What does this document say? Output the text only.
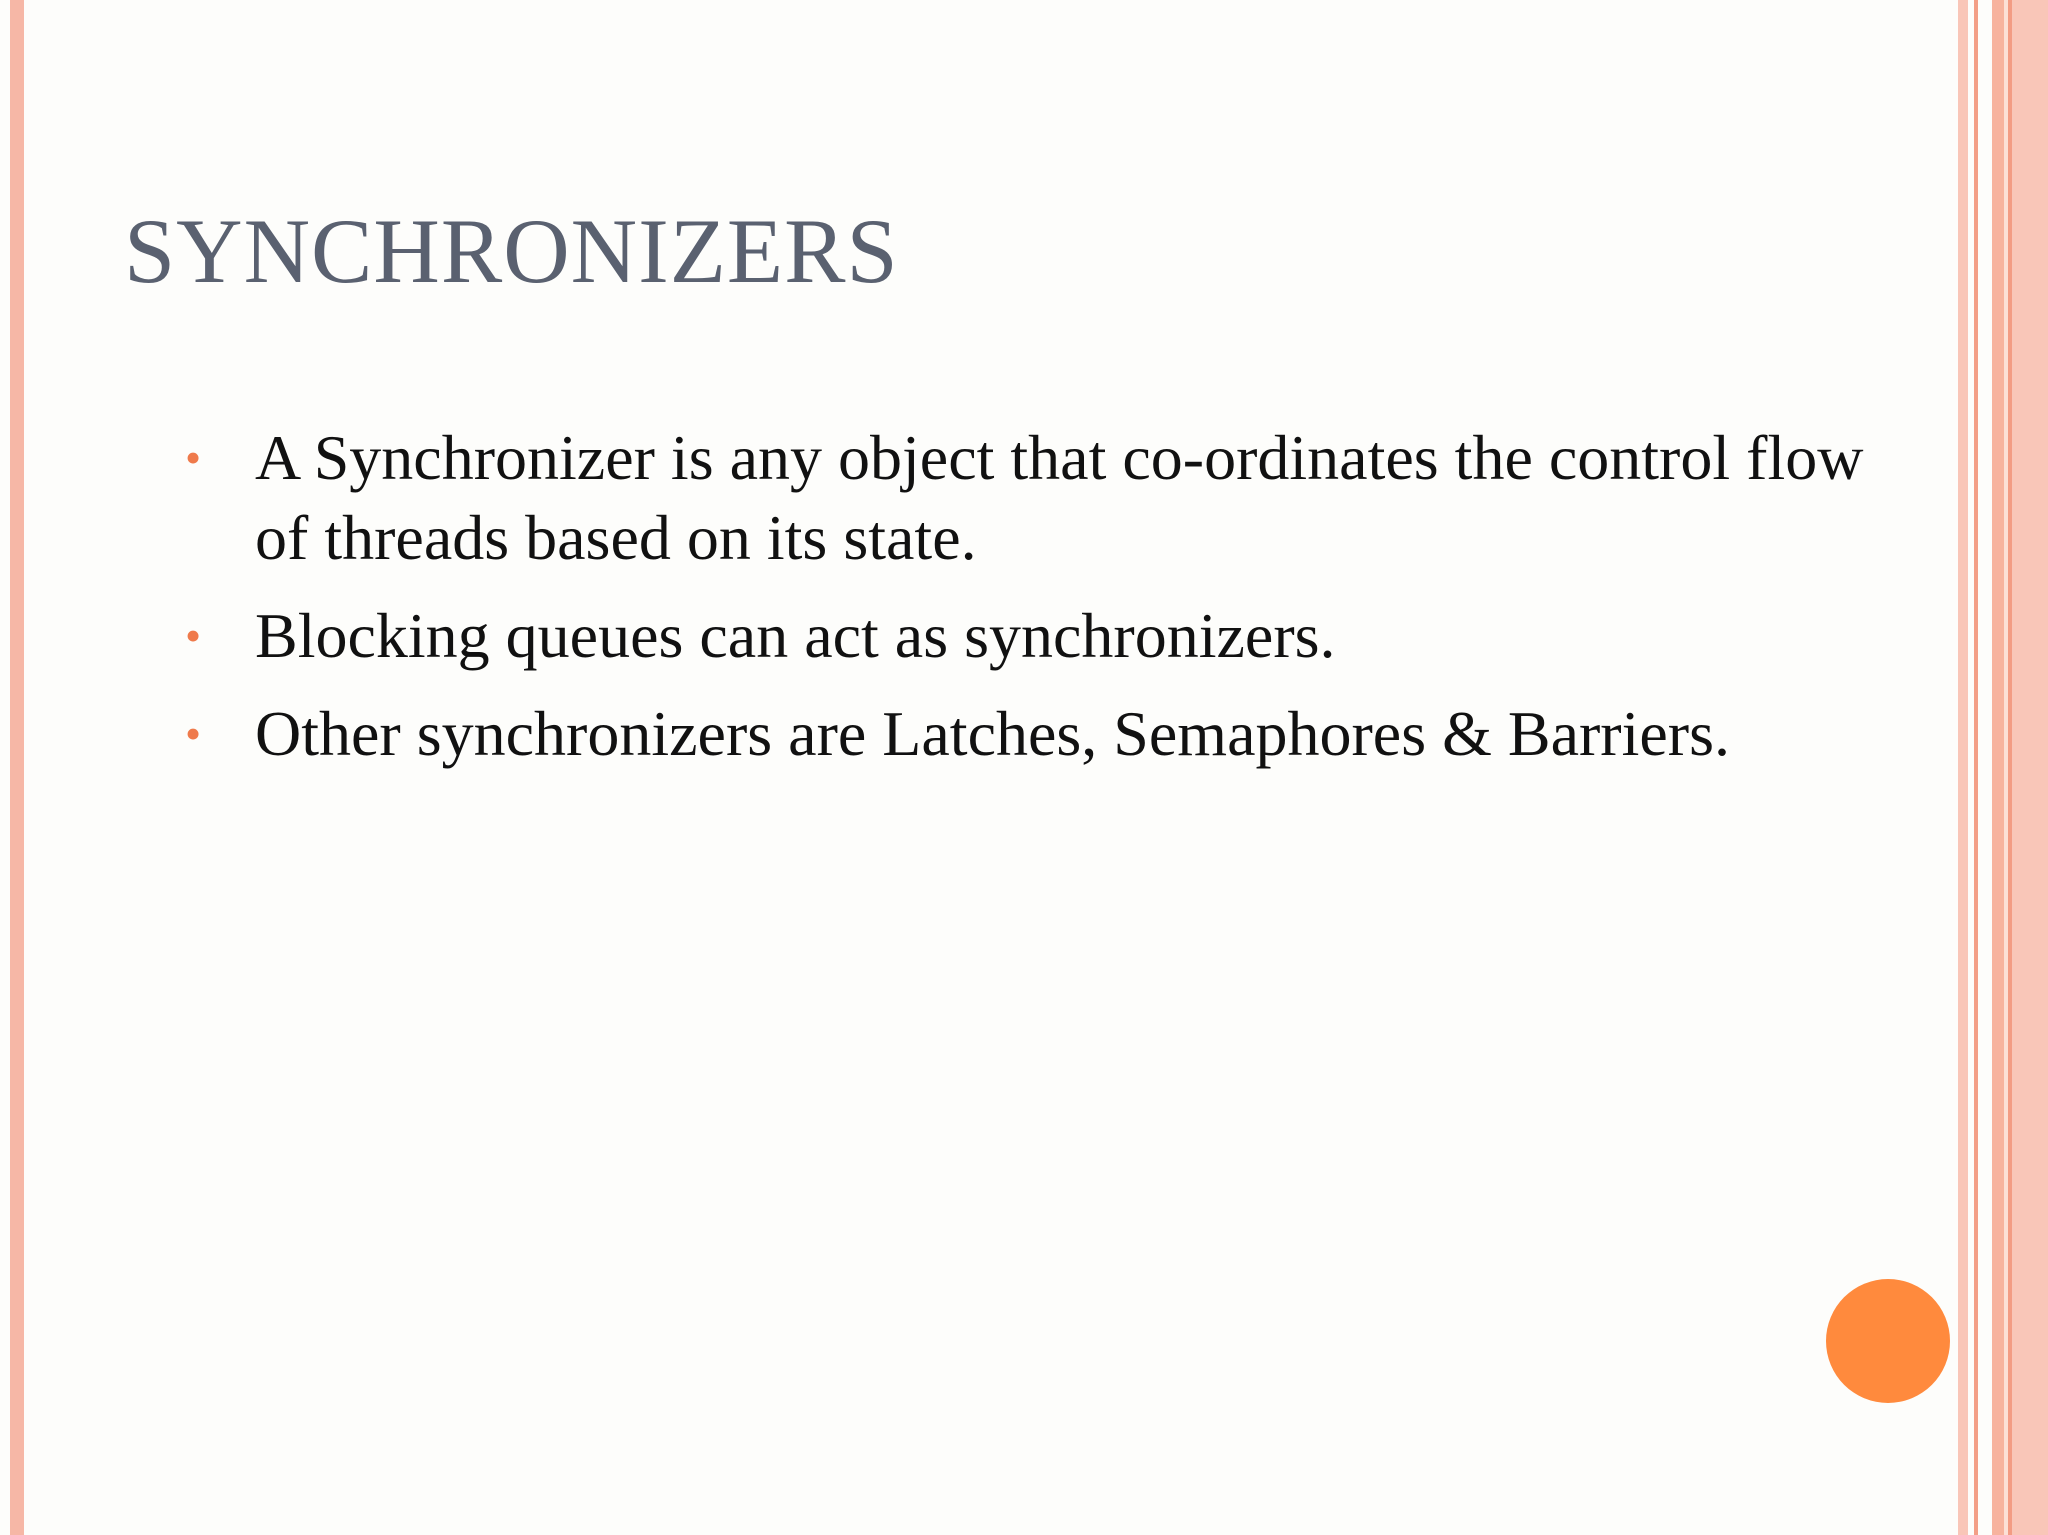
SYNCHRONIZERS
• A Synchronizer is any object that co-ordinates the control flow of threads based on its state.
• Blocking queues can act as synchronizers.
• Other synchronizers are Latches, Semaphores & Barriers.
